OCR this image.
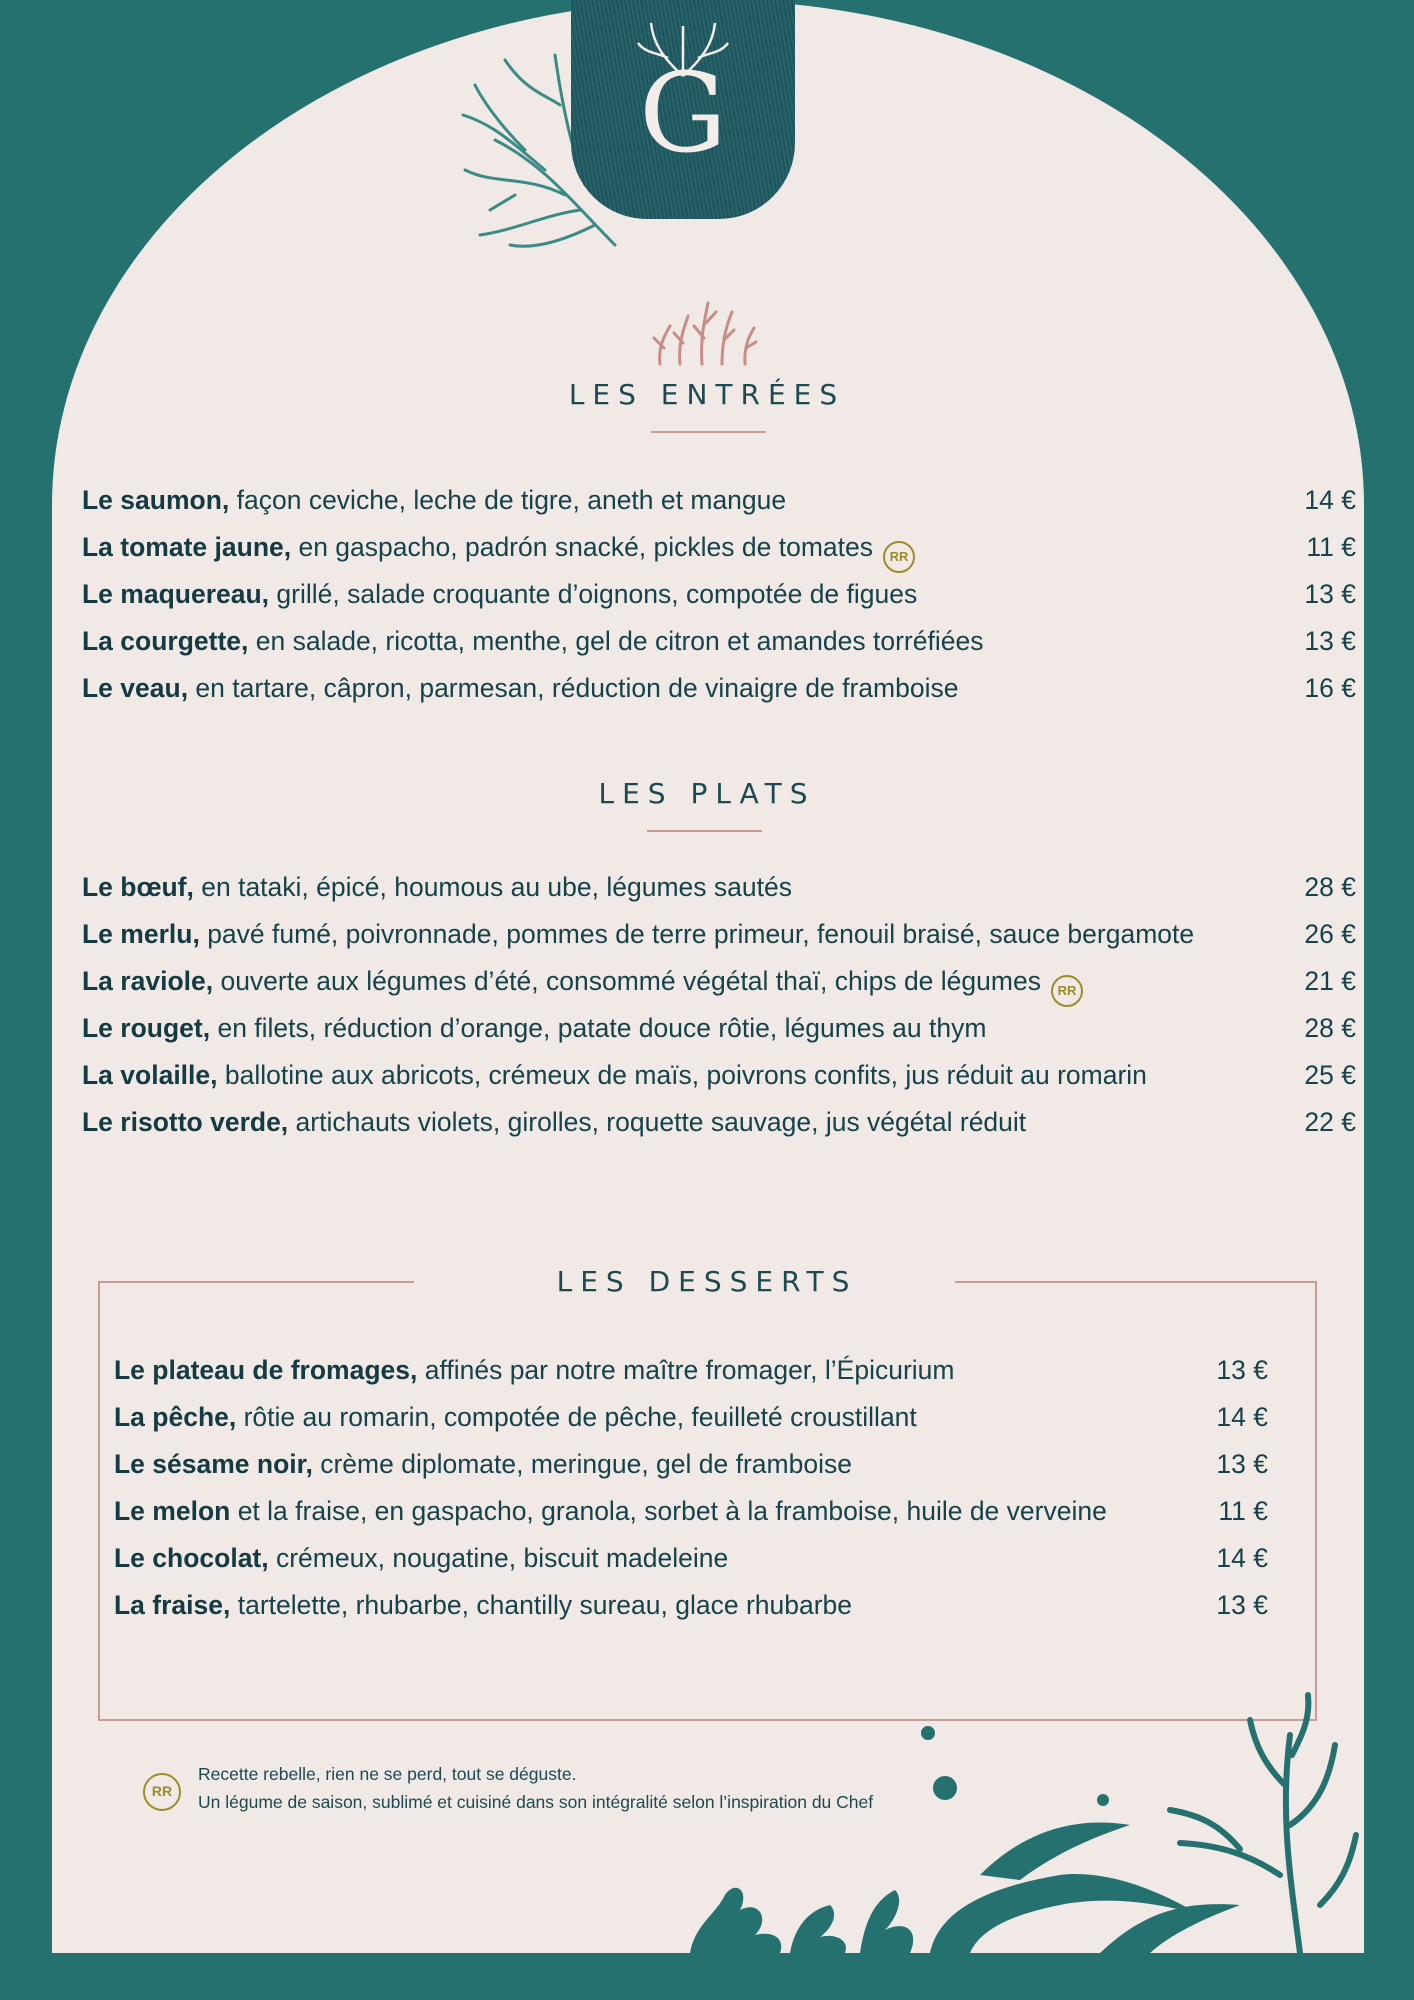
G
LES ENTRÉES
LES PLATS
LES DESSERTS
RR
Recette rebelle, rien ne se perd, tout se déguste.
Un légume de saison, sublimé et cuisiné dans son intégralité selon l’inspiration du Chef
Le saumon, façon ceviche, leche de tigre, aneth et mangue	14 €
La tomate jaune, en gaspacho, padrón snacké, pickles de tomates RR	11 €
Le maquereau, grillé, salade croquante d’oignons, compotée de figues	13 €
La courgette, en salade, ricotta, menthe, gel de citron et amandes torréfiées	13 €
Le veau, en tartare, câpron, parmesan, réduction de vinaigre de framboise	16 €
Le bœuf, en tataki, épicé, houmous au ube, légumes sautés	28 €
Le merlu, pavé fumé, poivronnade, pommes de terre primeur, fenouil braisé, sauce bergamote	26 €
La raviole, ouverte aux légumes d’été, consommé végétal thaï, chips de légumes RR	21 €
Le rouget, en filets, réduction d’orange, patate douce rôtie, légumes au thym	28 €
La volaille, ballotine aux abricots, crémeux de maïs, poivrons confits, jus réduit au romarin	25 €
Le risotto verde, artichauts violets, girolles, roquette sauvage, jus végétal réduit	22 €
Le plateau de fromages, affinés par notre maître fromager, l’Épicurium	13 €
La pêche, rôtie au romarin, compotée de pêche, feuilleté croustillant	14 €
Le sésame noir, crème diplomate, meringue, gel de framboise	13 €
Le melon et la fraise, en gaspacho, granola, sorbet à la framboise, huile de verveine	11 €
Le chocolat, crémeux, nougatine, biscuit madeleine	14 €
La fraise, tartelette, rhubarbe, chantilly sureau, glace rhubarbe	13 €
